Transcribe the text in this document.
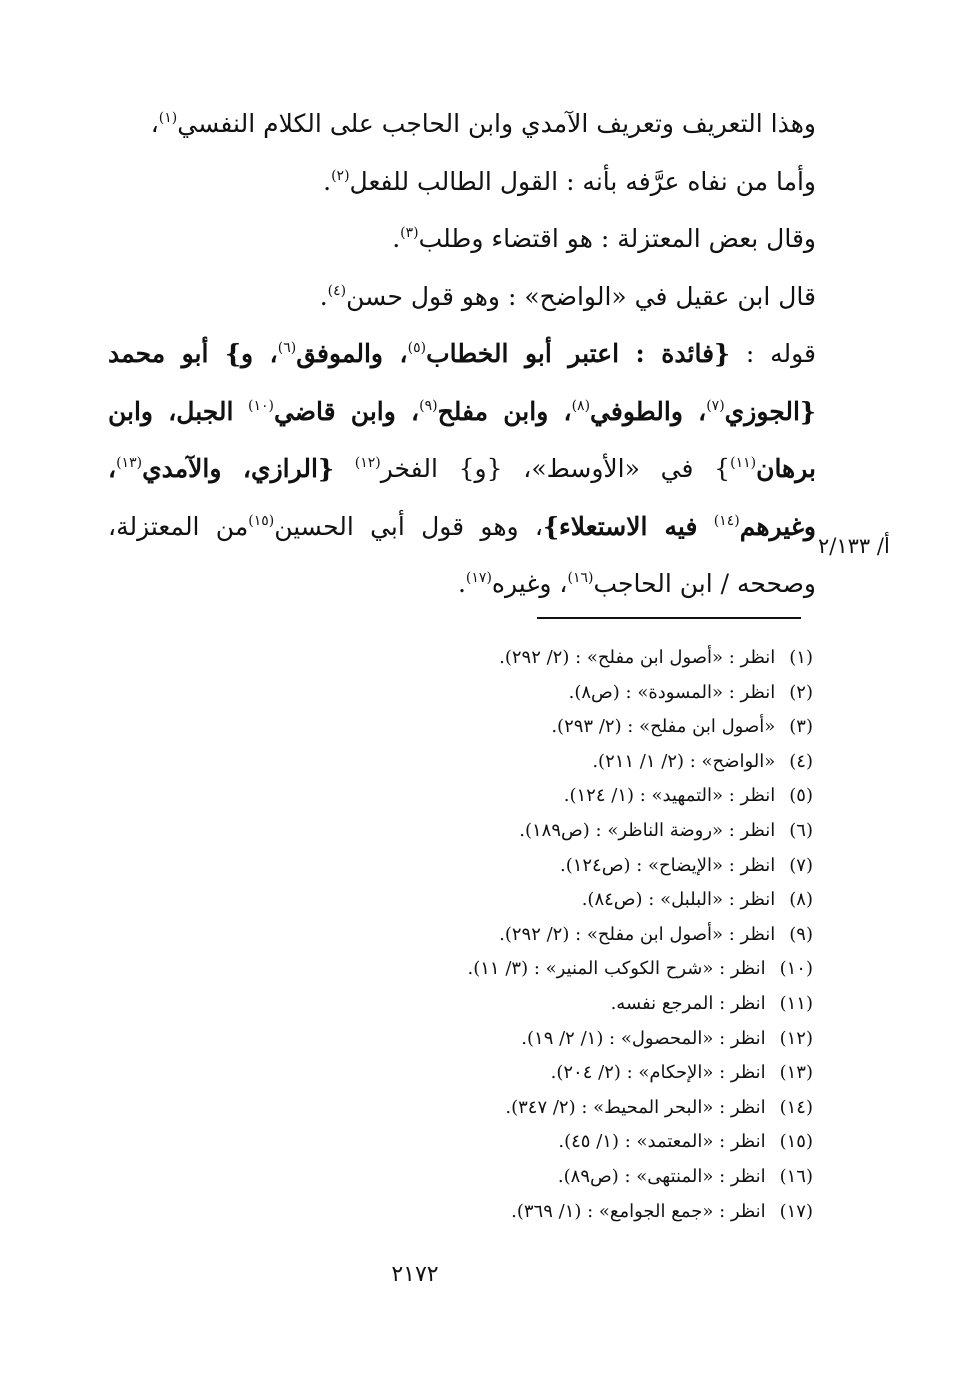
وهذا التعريف وتعريف الآمدي وابن الحاجب على الكلام النفسي$^{(١)}$،

وأما من نفاه عرَّفه بأنه : القول الطالب للفعل$^{(٢)}$.

وقال بعض المعتزلة : هو اقتضاء وطلب$^{(٣)}$.

قال ابن عقيل في «الواضح» : وهو قول حسن$^{(٤)}$.

قوله : {فائدة : اعتبر أبو الخطاب$^{(٥)}$، والموفق$^{(٦)}$، و} أبو محمد {الجوزي$^{(٧)}$، والطوفي$^{(٨)}$، وابن مفلح$^{(٩)}$، وابن قاضي$^{(١٠)}$ الجبل، وابن برهان$^{(١١)}$} في «الأوسط»، {و} الفخر$^{(١٢)}$ {الرازي، والآمدي$^{(١٣)}$، وغيرهم$^{(١٤)}$ فيه الاستعلاء}، وهو قول أبي الحسين$^{(١٥)}$من المعتزلة، وصححه / ابن الحاجب$^{(١٦)}$، وغيره$^{(١٧)}$.

أ/ ٢/١٣٣
(١)انظر : «أصول ابن مفلح» : (٢/ ٢٩٢).
(٢)انظر : «المسودة» : (ص٨).
(٣)«أصول ابن مفلح» : (٢/ ٢٩٣).
(٤)«الواضح» : (٢/ ١/ ٢١١).
(٥)انظر : «التمهيد» : (١/ ١٢٤).
(٦)انظر : «روضة الناظر» : (ص١٨٩).
(٧)انظر : «الإيضاح» : (ص١٢٤).
(٨)انظر : «البلبل» : (ص٨٤).
(٩)انظر : «أصول ابن مفلح» : (٢/ ٢٩٢).
(١٠)انظر : «شرح الكوكب المنير» : (٣/ ١١).
(١١)انظر : المرجع نفسه.
(١٢)انظر : «المحصول» : (١/ ٢/ ١٩).
(١٣)انظر : «الإحكام» : (٢/ ٢٠٤).
(١٤)انظر : «البحر المحيط» : (٢/ ٣٤٧).
(١٥)انظر : «المعتمد» : (١/ ٤٥).
(١٦)انظر : «المنتهى» : (ص٨٩).
(١٧)انظر : «جمع الجوامع» : (١/ ٣٦٩).
٢١٧٢
